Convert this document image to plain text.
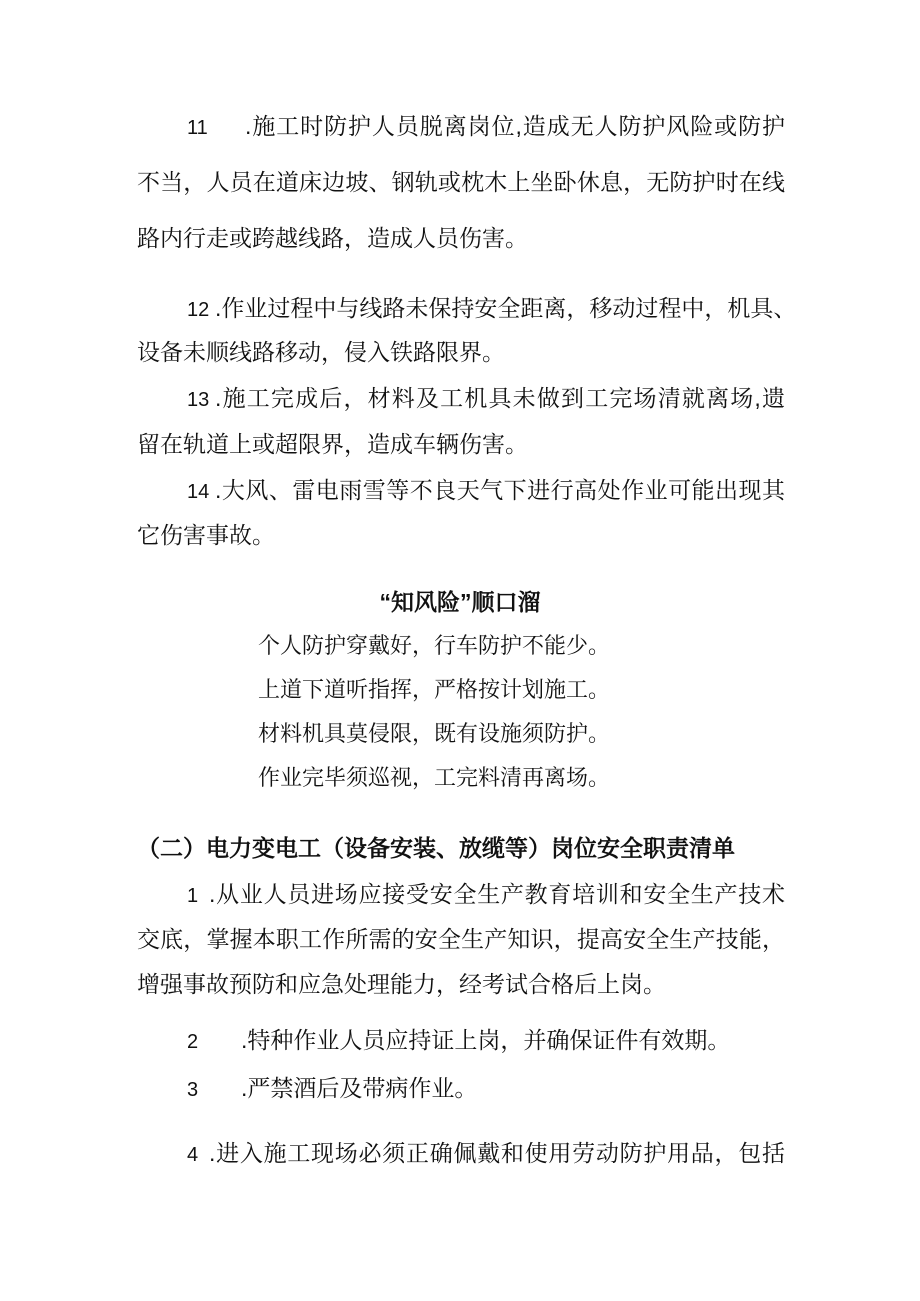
11 .施工时防护人员脱离岗位,造成无人防护风险或防护
不当，人员在道床边坡、钢轨或枕木上坐卧休息，无防护时在线
路内行走或跨越线路，造成人员伤害。
12 .作业过程中与线路未保持安全距离，移动过程中，机具、
设备未顺线路移动，侵入铁路限界。
13 .施工完成后，材料及工机具未做到工完场清就离场,遗
留在轨道上或超限界，造成车辆伤害。
14 .大风、雷电雨雪等不良天气下进行高处作业可能出现其
它伤害事故。
“知风险”顺口溜
个人防护穿戴好，行车防护不能少。
上道下道听指挥，严格按计划施工。
材料机具莫侵限，既有设施须防护。
作业完毕须巡视，工完料清再离场。
（二）电力变电工（设备安装、放缆等）岗位安全职责清单
1 .从业人员进场应接受安全生产教育培训和安全生产技术
交底，掌握本职工作所需的安全生产知识，提高安全生产技能，
增强事故预防和应急处理能力，经考试合格后上岗。
2 .特种作业人员应持证上岗，并确保证件有效期。
3 .严禁酒后及带病作业。
4 .进入施工现场必须正确佩戴和使用劳动防护用品，包括
